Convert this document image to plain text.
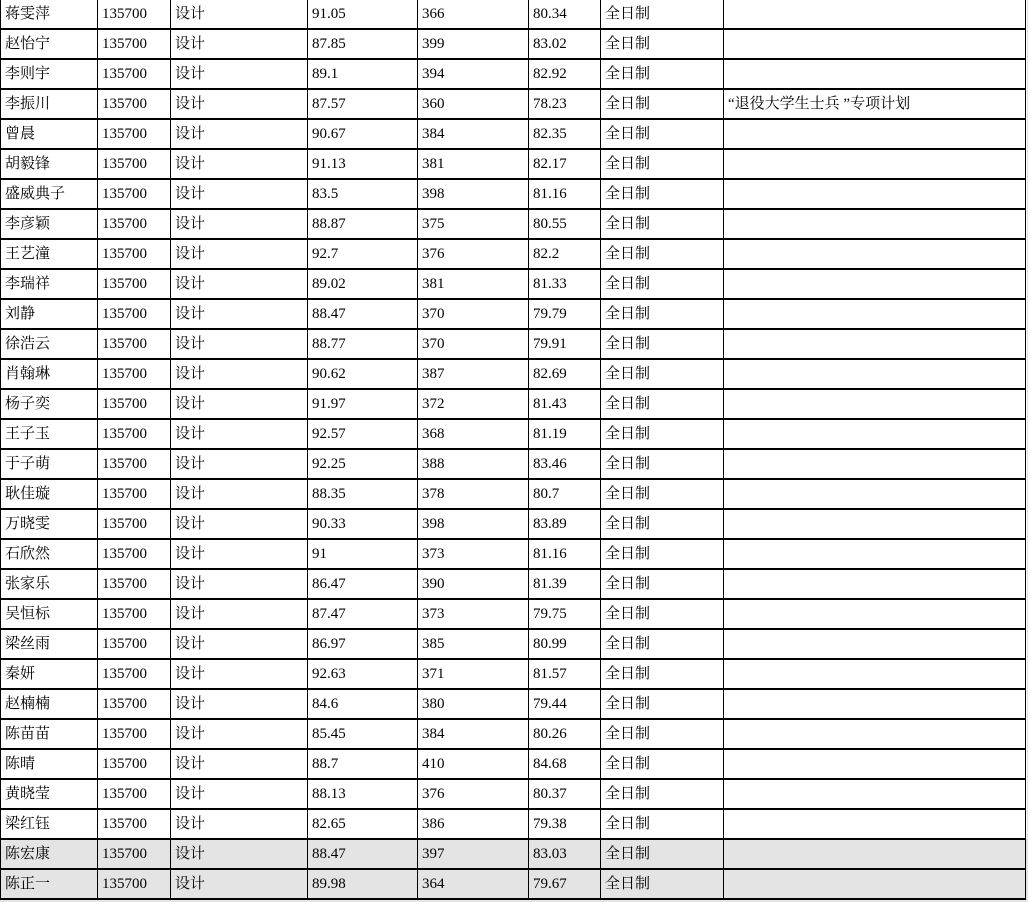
蒋雯萍	135700	设计	91.05	366	80.34	全日制	
赵怡宁	135700	设计	87.85	399	83.02	全日制	
李则宇	135700	设计	89.1	394	82.92	全日制	
李振川	135700	设计	87.57	360	78.23	全日制	“退役大学生士兵 ”专项计划
曾晨	135700	设计	90.67	384	82.35	全日制	
胡毅锋	135700	设计	91.13	381	82.17	全日制	
盛威典子	135700	设计	83.5	398	81.16	全日制	
李彦颖	135700	设计	88.87	375	80.55	全日制	
王艺潼	135700	设计	92.7	376	82.2	全日制	
李瑞祥	135700	设计	89.02	381	81.33	全日制	
刘静	135700	设计	88.47	370	79.79	全日制	
徐浩云	135700	设计	88.77	370	79.91	全日制	
肖翰琳	135700	设计	90.62	387	82.69	全日制	
杨子奕	135700	设计	91.97	372	81.43	全日制	
王子玉	135700	设计	92.57	368	81.19	全日制	
于子萌	135700	设计	92.25	388	83.46	全日制	
耿佳璇	135700	设计	88.35	378	80.7	全日制	
万晓雯	135700	设计	90.33	398	83.89	全日制	
石欣然	135700	设计	91	373	81.16	全日制	
张家乐	135700	设计	86.47	390	81.39	全日制	
吴恒标	135700	设计	87.47	373	79.75	全日制	
梁丝雨	135700	设计	86.97	385	80.99	全日制	
秦妍	135700	设计	92.63	371	81.57	全日制	
赵楠楠	135700	设计	84.6	380	79.44	全日制	
陈苗苗	135700	设计	85.45	384	80.26	全日制	
陈晴	135700	设计	88.7	410	84.68	全日制	
黄晓莹	135700	设计	88.13	376	80.37	全日制	
梁红钰	135700	设计	82.65	386	79.38	全日制	
陈宏康	135700	设计	88.47	397	83.03	全日制	
陈正一	135700	设计	89.98	364	79.67	全日制	
